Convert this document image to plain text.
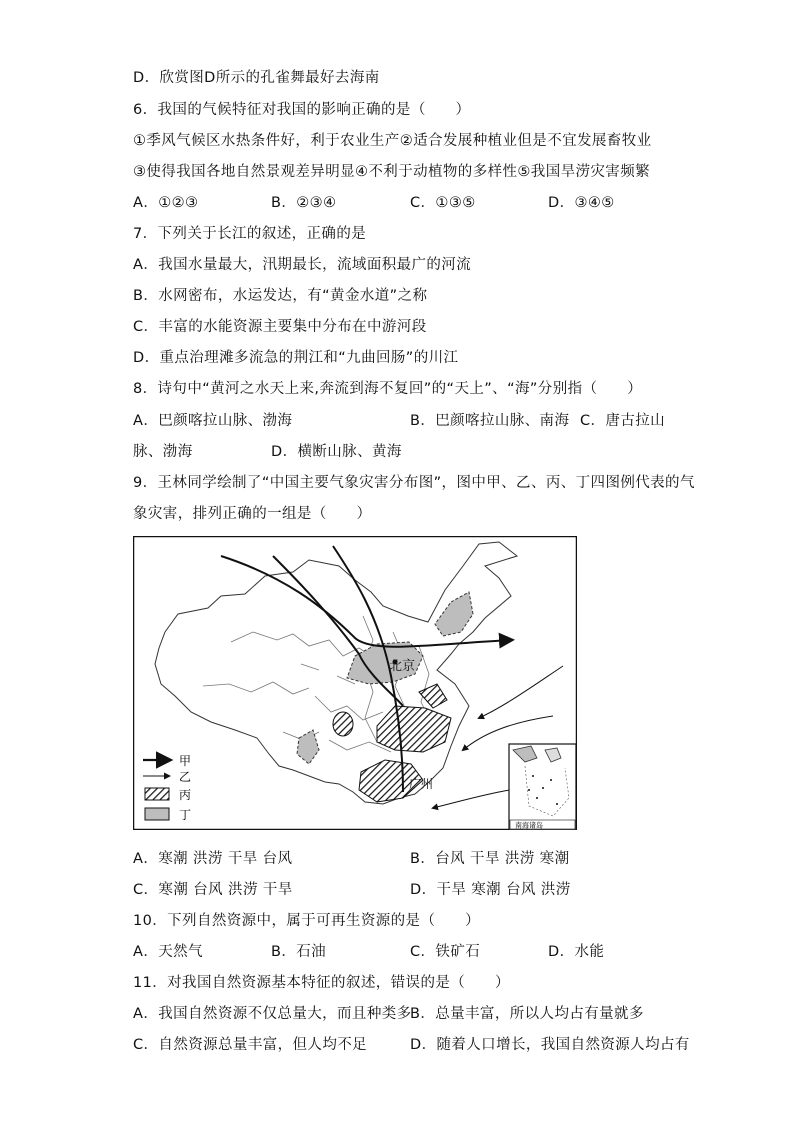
D．欣赏图D所示的孔雀舞最好去海南
6．我国的气候特征对我国的影响正确的是（　　）
①季风气候区水热条件好，利于农业生产②适合发展种植业但是不宜发展畜牧业
③使得我国各地自然景观差异明显④不利于动植物的多样性⑤我国旱涝灾害频繁
A．①②③	B．②③④	C．①③⑤	D．③④⑤
7．下列关于长江的叙述，正确的是
A．我国水量最大，汛期最长，流域面积最广的河流
B．水网密布，水运发达，有“黄金水道”之称
C．丰富的水能资源主要集中分布在中游河段
D．重点治理滩多流急的荆江和“九曲回肠”的川江
8．诗句中“黄河之水天上来,奔流到海不复回”的“天上”、“海”分别指（　　）
A．巴颜喀拉山脉、渤海	B．巴颜喀拉山脉、南海 C．唐古拉山
脉、渤海	D．横断山脉、黄海
9．王林同学绘制了“中国主要气象灾害分布图”，图中甲、乙、丙、丁四图例代表的气
象灾害，排列正确的一组是（　　）
北京
广州
甲
乙
丙
丁
南海诸岛
A．寒潮 洪涝 干旱 台风	B．台风 干旱 洪涝 寒潮
C．寒潮 台风 洪涝 干旱	D．干旱 寒潮 台风 洪涝
10．下列自然资源中，属于可再生资源的是（　　）
A．天然气	B．石油	C．铁矿石	D．水能
11．对我国自然资源基本特征的叙述，错误的是（　　）
A．我国自然资源不仅总量大，而且种类多
B．总量丰富，所以人均占有量就多
C．自然资源总量丰富，但人均不足	D．随着人口增长，我国自然资源人均占有
